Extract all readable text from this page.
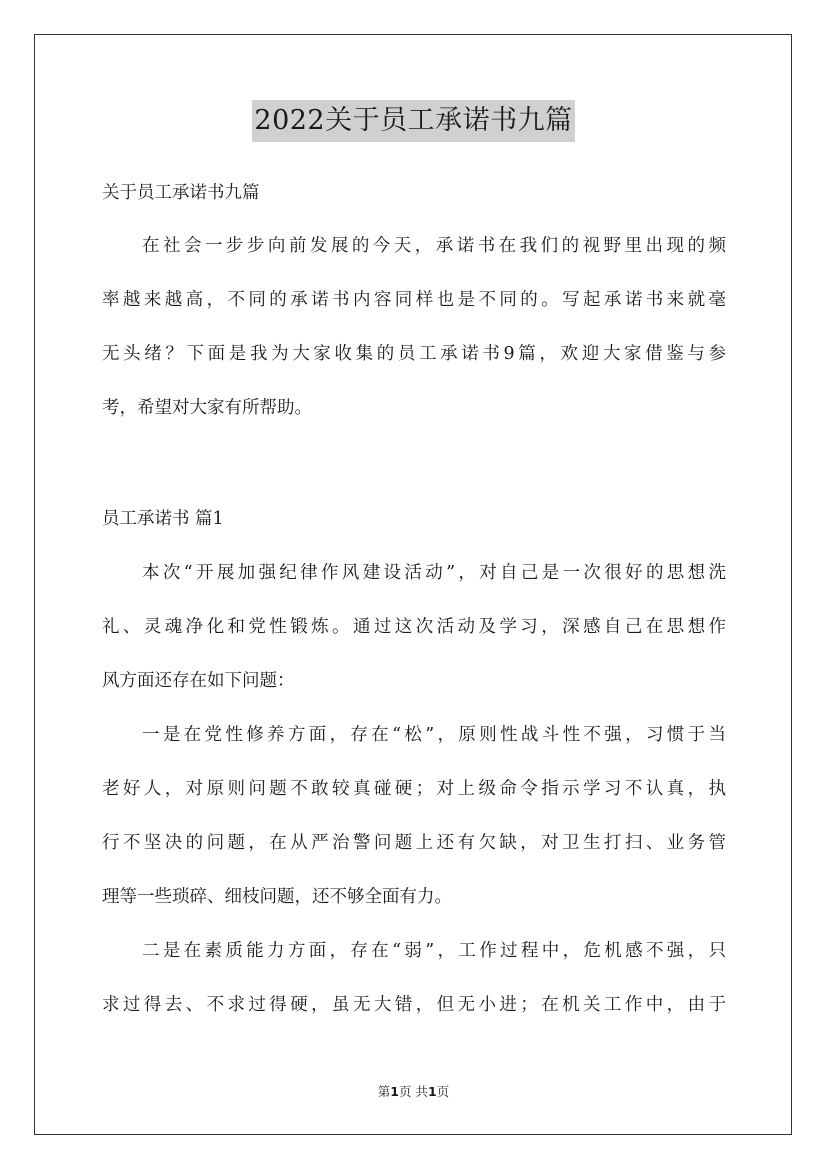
2022关于员工承诺书九篇
关于员工承诺书九篇
在社会一步步向前发展的今天，承诺书在我们的视野里出现的频
率越来越高，不同的承诺书内容同样也是不同的。写起承诺书来就毫
无头绪？下面是我为大家收集的员工承诺书9篇，欢迎大家借鉴与参
考，希望对大家有所帮助。
员工承诺书 篇1
本次“开展加强纪律作风建设活动”，对自己是一次很好的思想洗
礼、灵魂净化和党性锻炼。通过这次活动及学习，深感自己在思想作
风方面还存在如下问题：
一是在党性修养方面，存在“松”，原则性战斗性不强，习惯于当
老好人，对原则问题不敢较真碰硬；对上级命令指示学习不认真，执
行不坚决的问题，在从严治警问题上还有欠缺，对卫生打扫、业务管
理等一些琐碎、细枝问题，还不够全面有力。
二是在素质能力方面，存在“弱”，工作过程中，危机感不强，只
求过得去、不求过得硬，虽无大错，但无小进；在机关工作中，由于
第1页 共1页
